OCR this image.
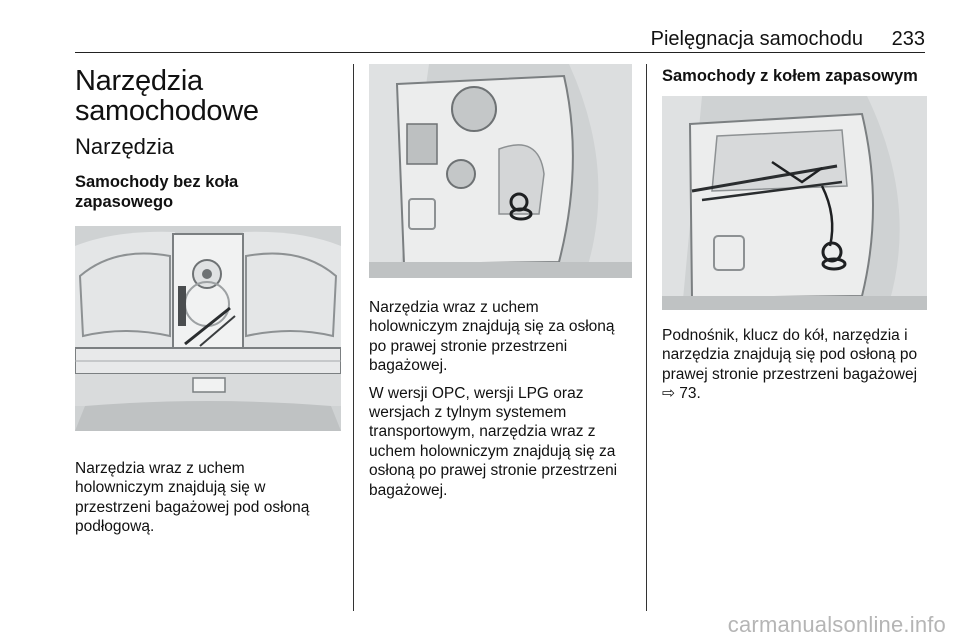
Pielęgnacja samochodu 233
Narzędzia
samochodowe
Narzędzia
Samochody bez koła
zapasowego

Narzędzia wraz z uchem
holowniczym znajdują się w
przestrzeni bagażowej pod osłoną
podłogową.

Narzędzia wraz z uchem
holowniczym znajdują się za osłoną
po prawej stronie przestrzeni
bagażowej.

W wersji OPC, wersji LPG oraz
wersjach z tylnym systemem
transportowym, narzędzia wraz z
uchem holowniczym znajdują się za
osłoną po prawej stronie przestrzeni
bagażowej.

Samochody z kołem zapasowym

Podnośnik, klucz do kół, narzędzia i
narzędzia znajdują się pod osłoną po
prawej stronie przestrzeni bagażowej
⇨ 73.

carmanualsonline.info
